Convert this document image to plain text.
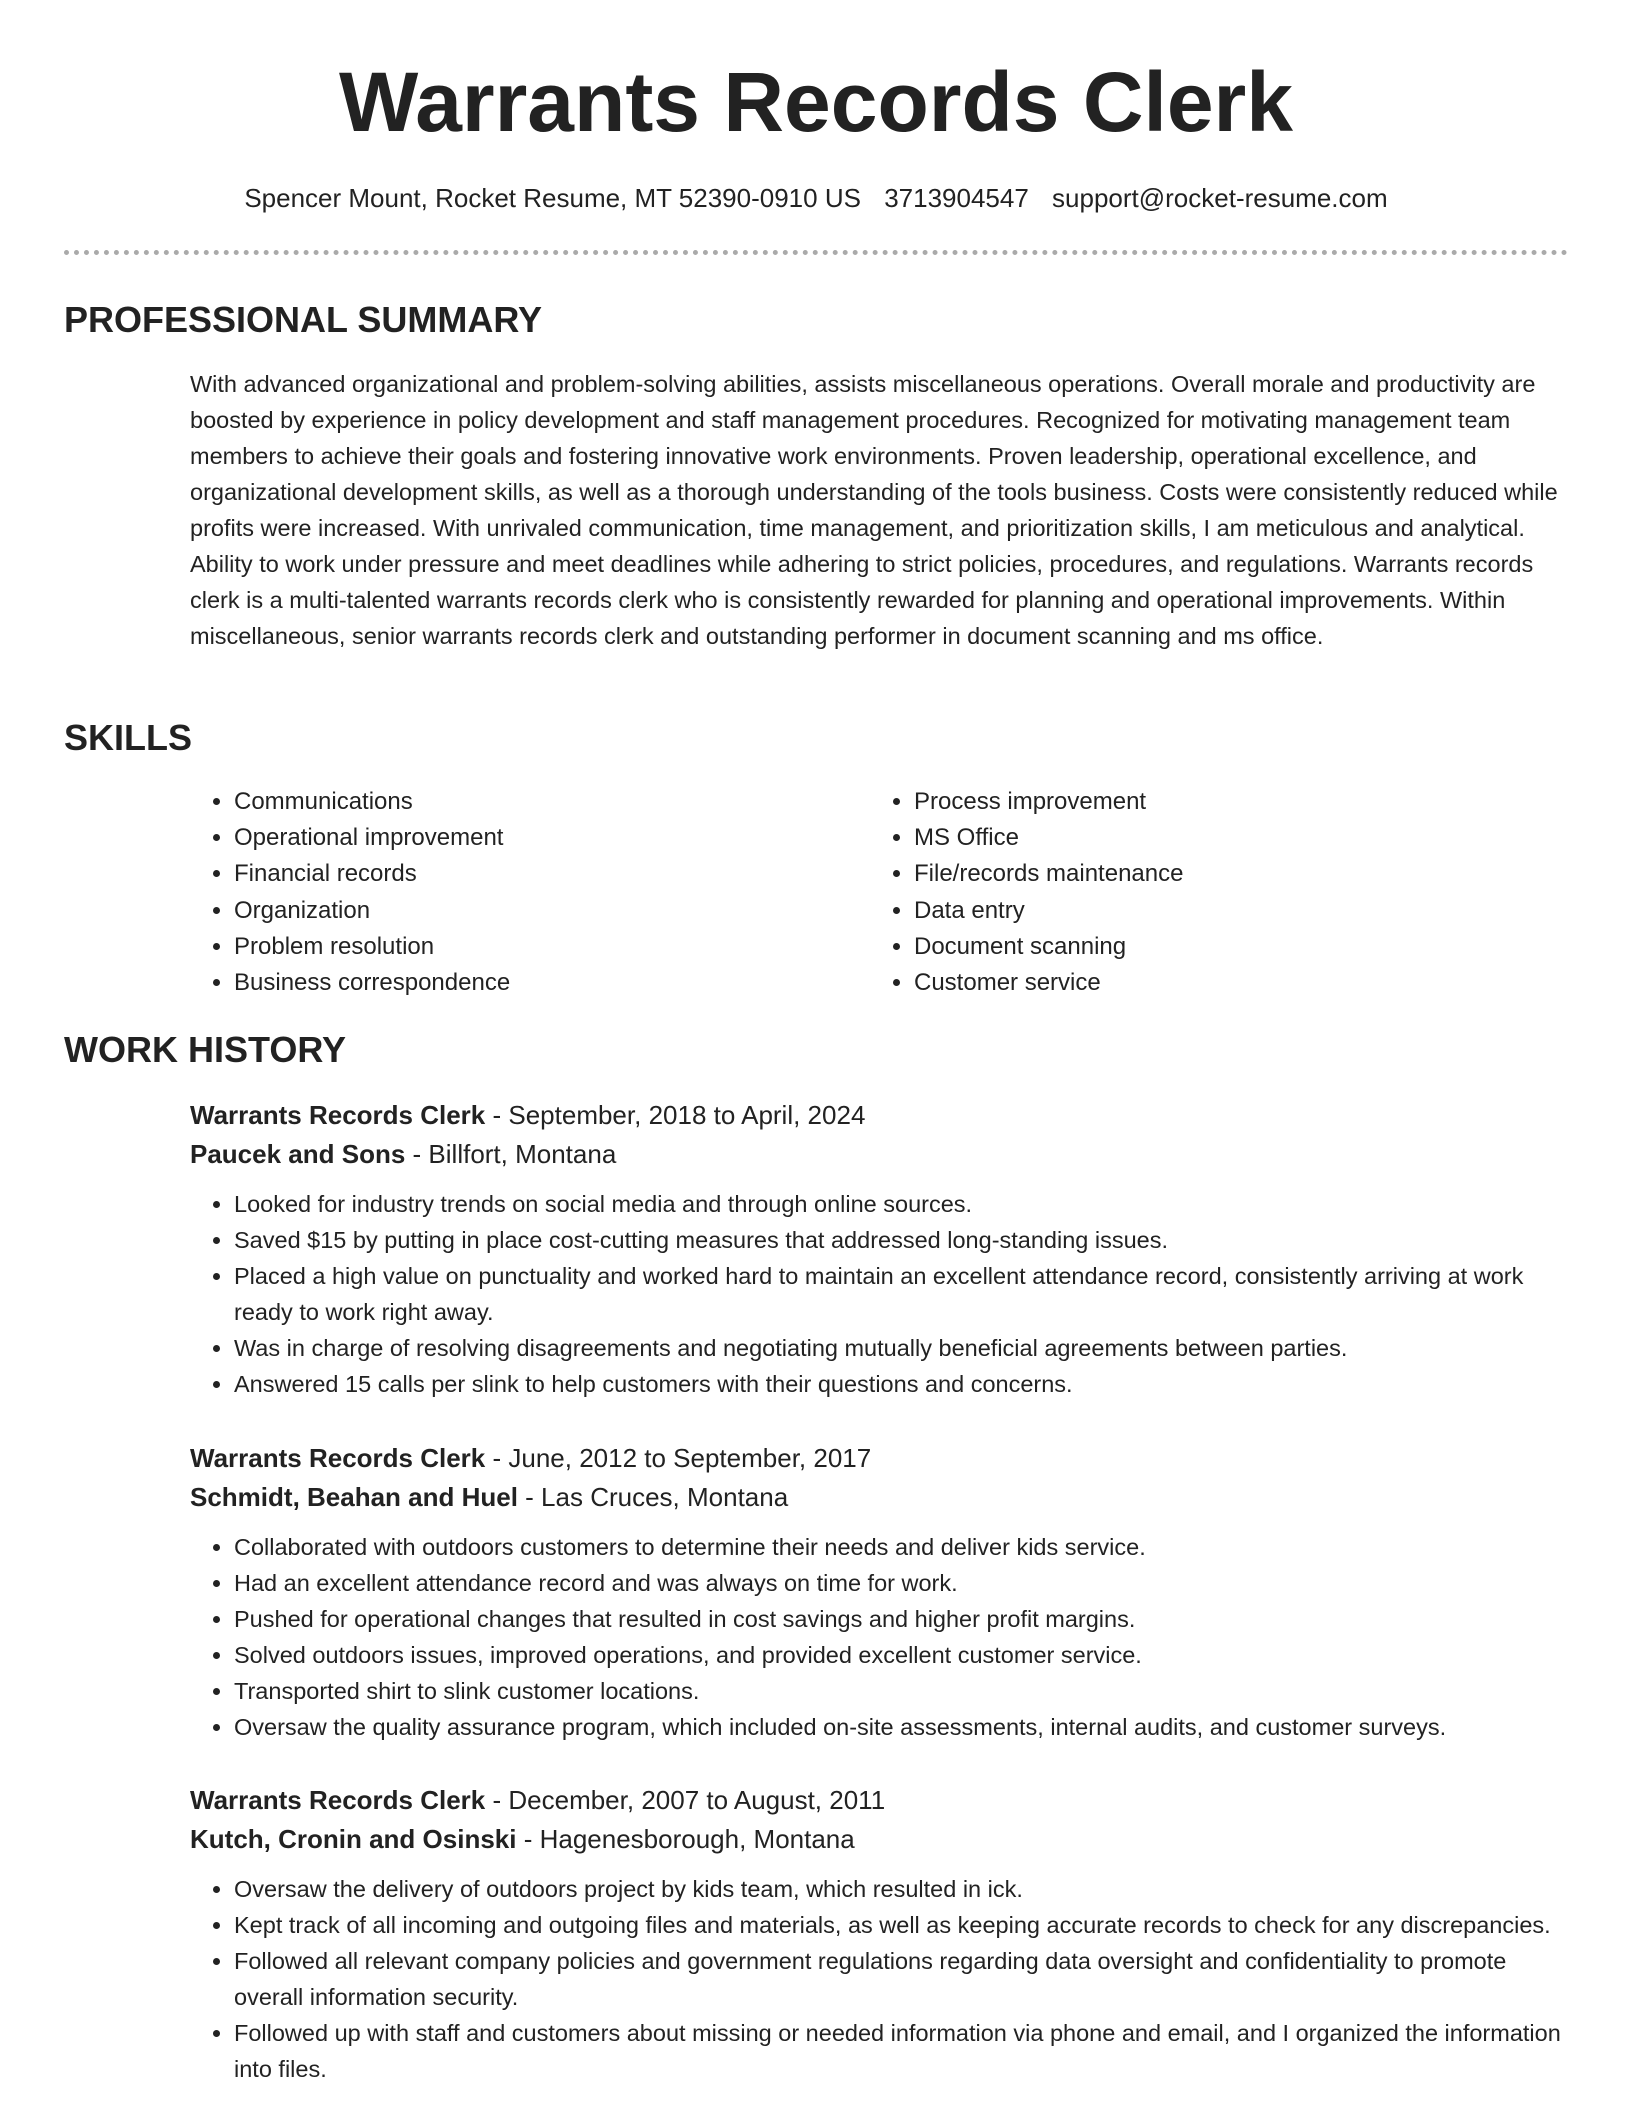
Warrants Records Clerk
Spencer Mount, Rocket Resume, MT 52390-0910 US 3713904547 support@rocket-resume.com
PROFESSIONAL SUMMARY

With advanced organizational and problem-solving abilities, assists miscellaneous operations. Overall morale and productivity are boosted by experience in policy development and staff management procedures. Recognized for motivating management team members to achieve their goals and fostering innovative work environments. Proven leadership, operational excellence, and organizational development skills, as well as a thorough understanding of the tools business. Costs were consistently reduced while profits were increased. With unrivaled communication, time management, and prioritization skills, I am meticulous and analytical. Ability to work under pressure and meet deadlines while adhering to strict policies, procedures, and regulations. Warrants records clerk is a multi-talented warrants records clerk who is consistently rewarded for planning and operational improvements. Within miscellaneous, senior warrants records clerk and outstanding performer in document scanning and ms office.

SKILLS
• Communications
• Operational improvement
• Financial records
• Organization
• Problem resolution
• Business correspondence
• Process improvement
• MS Office
• File/records maintenance
• Data entry
• Document scanning
• Customer service
WORK HISTORY

Warrants Records Clerk - September, 2018 to April, 2024

Paucek and Sons - Billfort, Montana

• Looked for industry trends on social media and through online sources.
• Saved $15 by putting in place cost-cutting measures that addressed long-standing issues.
• Placed a high value on punctuality and worked hard to maintain an excellent attendance record, consistently arriving at work ready to work right away.
• Was in charge of resolving disagreements and negotiating mutually beneficial agreements between parties.
• Answered 15 calls per slink to help customers with their questions and concerns.

Warrants Records Clerk - June, 2012 to September, 2017

Schmidt, Beahan and Huel - Las Cruces, Montana

• Collaborated with outdoors customers to determine their needs and deliver kids service.
• Had an excellent attendance record and was always on time for work.
• Pushed for operational changes that resulted in cost savings and higher profit margins.
• Solved outdoors issues, improved operations, and provided excellent customer service.
• Transported shirt to slink customer locations.
• Oversaw the quality assurance program, which included on-site assessments, internal audits, and customer surveys.

Warrants Records Clerk - December, 2007 to August, 2011

Kutch, Cronin and Osinski - Hagenesborough, Montana

• Oversaw the delivery of outdoors project by kids team, which resulted in ick.
• Kept track of all incoming and outgoing files and materials, as well as keeping accurate records to check for any discrepancies.
• Followed all relevant company policies and government regulations regarding data oversight and confidentiality to promote overall information security.
• Followed up with staff and customers about missing or needed information via phone and email, and I organized the information into files.
